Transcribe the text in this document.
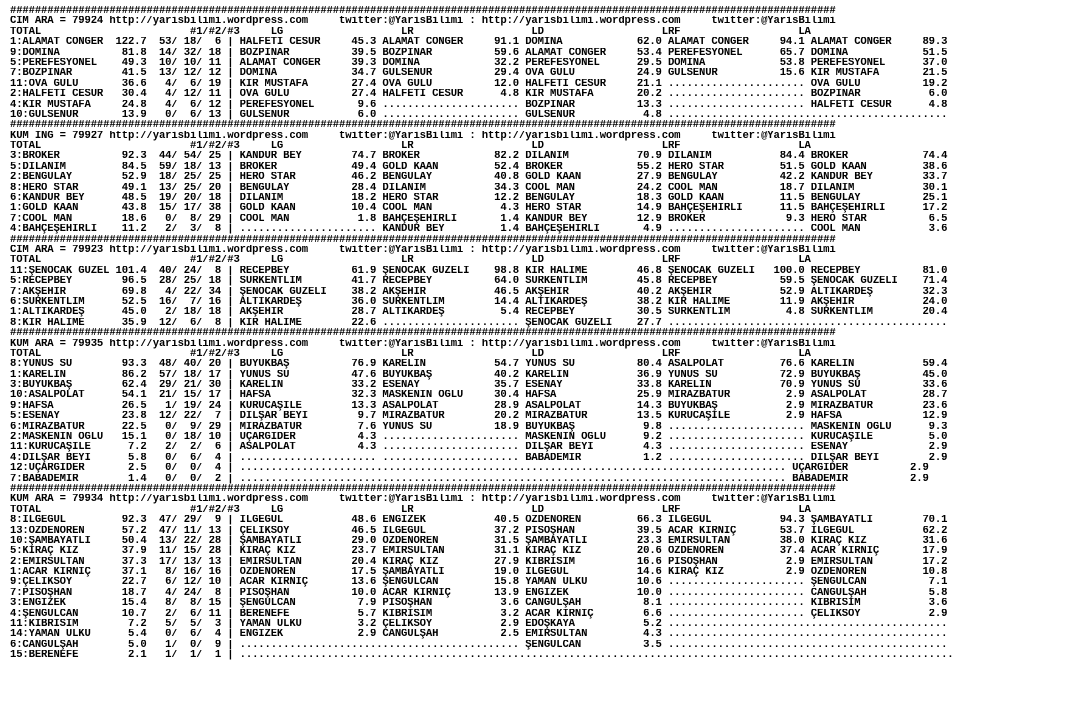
#####################################################################################################################################
CIM ARA = 79924 http://yarisbilimi.wordpress.com     twitter:@YarisBilimi : http://yarisbilimi.wordpress.com     twitter:@YarisBilimi
TOTAL                        #1/#2/#3     LG                   LR                   LD                   LRF                   LA
1:ALAMAT CÖNGER  122.7  53/ 18/  6 | HALFETİ CESUR     45.3 ALAMAT CÖNGER     91.1 DOMİNA            62.0 ALAMAT CÖNGER     94.1 ALAMAT CÖNGER     89.3
9:DOMİNA          81.8  14/ 32/ 18 | BOZPINAR          39.5 BOZPINAR          59.6 ALAMAT CÖNGER     53.4 PEREFESYONEL      65.7 DOMİNA            51.5
5:PEREFESYONEL    49.3  10/ 10/ 11 | ALAMAT CÖNGER     39.3 DOMİNA            32.2 PEREFESYONEL      29.5 DOMİNA            53.8 PEREFESYONEL      37.0
7:BOZPINAR        41.5  13/ 12/ 12 | DOMİNA            34.7 GÜLSENUR          29.4 OVA GÜLÜ          24.9 GÜLSENUR          15.6 KIR MUSTAFA       21.5
11:OVA GÜLÜ       36.6   4/  6/ 19 | KIR MUSTAFA       27.4 OVA GÜLÜ          12.0 HALFETİ CESUR     21.1 ...................... OVA GÜLÜ          19.2
2:HALFETİ CESUR   30.4   4/ 12/ 11 | OVA GÜLÜ          27.4 HALFETİ CESUR      4.8 KIR MUSTAFA       20.2 ...................... BOZPINAR           6.0
4:KIR MUSTAFA     24.8   4/  6/ 12 | PEREFESYONEL       9.6 ...................... BOZPINAR          13.3 ...................... HALFETİ CESUR      4.8
10:GÜLSENUR       13.9   0/  6/ 13 | GÜLSENUR           6.0 ...................... GÜLSENUR           4.8 .............................................
#####################################################################################################################################
KUM ING = 79927 http://yarisbilimi.wordpress.com     twitter:@YarisBilimi : http://yarisbilimi.wordpress.com     twitter:@YarisBilimi
TOTAL                        #1/#2/#3     LG                   LR                   LD                   LRF                   LA
3:BROKER          92.3  44/ 54/ 25 | KANDUR BEY        74.7 BROKER            82.2 DİLANIM           70.9 DİLANIM           84.4 BROKER            74.4
5:DİLANIM         84.5  59/ 18/ 13 | BROKER            49.4 GOLD KAAN         52.4 BROKER            55.2 HERO STAR         51.5 GOLD KAAN         38.6
2:BENGÜLAY        52.9  18/ 25/ 25 | HERO STAR         46.2 BENGÜLAY          40.8 GOLD KAAN         27.9 BENGÜLAY          42.2 KANDUR BEY        33.7
8:HERO STAR       49.1  13/ 25/ 20 | BENGÜLAY          28.4 DİLANIM           34.3 COOL MAN          24.2 COOL MAN          18.7 DİLANIM           30.1
6:KANDUR BEY      48.5  19/ 20/ 18 | DİLANIM           18.2 HERO STAR         12.2 BENGÜLAY          18.3 GOLD KAAN         11.5 BENGÜLAY          25.1
1:GOLD KAAN       43.8  15/ 17/ 38 | GOLD KAAN         10.4 COOL MAN           4.3 HERO STAR         14.9 BAHÇEŞEHİRLİ      11.5 BAHÇEŞEHİRLİ      17.2
7:COOL MAN        18.6   0/  8/ 29 | COOL MAN           1.8 BAHÇEŞEHİRLİ       1.4 KANDUR BEY        12.9 BROKER             9.3 HERO STAR          6.5
4:BAHÇEŞEHİRLİ    11.2   2/  3/  8 | ...................... KANDUR BEY         1.4 BAHÇEŞEHİRLİ       4.9 ...................... COOL MAN           3.6
#####################################################################################################################################
CIM ARA = 79923 http://yarisbilimi.wordpress.com     twitter:@YarisBilimi : http://yarisbilimi.wordpress.com     twitter:@YarisBilimi
TOTAL                        #1/#2/#3     LG                   LR                   LD                   LRF                   LA
11:ŞENOCAK GÜZEL 101.4  40/ 24/  8 | RECEPBEY          61.9 ŞENOCAK GÜZELİ    98.8 KIR HALİME        46.8 ŞENOCAK GÜZELİ   100.0 RECEPBEY          81.0
5:RECEPBEY        96.5  28/ 25/ 18 | SURKENTLİM        41.7 RECEPBEY          64.0 SURKENTLİM        45.8 RECEPBEY          59.5 ŞENOCAK GÜZELİ    71.4
7:AKŞEHİR         69.8   4/ 22/ 34 | ŞENOCAK GÜZELİ    38.2 AKŞEHİR           46.5 AKŞEHİR           40.2 AKŞEHİR           52.9 ALTIKARDEŞ        32.3
6:SURKENTLİM      52.5  16/  7/ 16 | ALTIKARDEŞ        36.0 SURKENTLİM        14.4 ALTIKARDEŞ        38.2 KIR HALİME        11.9 AKŞEHİR           24.0
1:ALTIKARDEŞ      45.0   2/ 18/ 18 | AKŞEHİR           28.7 ALTIKARDEŞ         5.4 RECEPBEY          30.5 SURKENTLİM         4.8 SURKENTLİM        20.4
8:KIR HALİME      35.9  12/  6/  8 | KIR HALİME        22.6 ...................... ŞENOCAK GÜZELİ    27.7 .............................................
#####################################################################################################################################
KUM ARA = 79935 http://yarisbilimi.wordpress.com     twitter:@YarisBilimi : http://yarisbilimi.wordpress.com     twitter:@YarisBilimi
TOTAL                        #1/#2/#3     LG                   LR                   LD                   LRF                   LA
8:YUNUS SU        93.3  48/ 40/ 20 | BÜYÜKBAŞ          76.9 KARELİN           54.7 YUNUS SU          80.4 ASALPOLAT         76.6 KARELİN           59.4
1:KARELİN         86.2  57/ 18/ 17 | YUNUS SU          47.6 BÜYÜKBAŞ          40.2 KARELİN           36.9 YUNUS SU          72.9 BÜYÜKBAŞ          45.0
3:BÜYÜKBAŞ        62.4  29/ 21/ 30 | KARELİN           33.2 ESENAY            35.7 ESENAY            33.8 KARELİN           70.9 YUNUS SU          33.6
10:ASALPOLAT      54.1  21/ 15/ 17 | HAFSA             32.3 MASKENİN OĞLU     30.4 HAFSA             25.9 MİRAZBATUR         2.9 ASALPOLAT         28.7
9:HAFSA           26.5   1/ 19/ 24 | KURUCAŞİLE        13.3 ASALPOLAT         28.9 ASALPOLAT         14.3 BÜYÜKBAŞ           2.9 MİRAZBATUR        23.6
5:ESENAY          23.8  12/ 22/  7 | DİLŞAR BEYİ        9.7 MİRAZBATUR        20.2 MİRAZBATUR        13.5 KURUCAŞİLE         2.9 HAFSA             12.9
6:MİRAZBATUR      22.5   0/  9/ 29 | MİRAZBATUR         7.6 YUNUS SU          18.9 BÜYÜKBAŞ           9.8 ...................... MASKENİN OĞLU      9.3
2:MASKENİN OĞLU   15.1   0/ 18/ 10 | UÇARGİDER          4.3 ...................... MASKENİN OĞLU      9.2 ...................... KURUCAŞİLE         5.0
11:KURUCAŞİLE      7.2   2/  2/  6 | ASALPOLAT          4.3 ...................... DİLŞAR BEYİ        4.3 ...................... ESENAY             2.9
4:DİLŞAR BEYİ      5.8   0/  6/  4 | ...................... ...................... BABADEMİR          1.2 ...................... DİLŞAR BEYİ        2.9
12:UÇARGİDER       2.5   0/  0/  4 | ........................................................................................ UÇARGİDER          2.9
7:BABADEMİR        1.4   0/  0/  2 | ........................................................................................ BABADEMİR          2.9
#####################################################################################################################################
KUM ARA = 79934 http://yarisbilimi.wordpress.com     twitter:@YarisBilimi : http://yarisbilimi.wordpress.com     twitter:@YarisBilimi
TOTAL                        #1/#2/#3     LG                   LR                   LD                   LRF                   LA
8:İLGEGÜL         92.3  47/ 29/  9 | İLGEGÜL           48.6 ENGİZEK           40.5 ÖZDENÖREN         66.3 İLGEGÜL           94.3 ŞAMBAYATLI        70.1
13:ÖZDENÖREN      57.2  47/ 11/ 13 | ÇELİKSOY          46.5 İLGEGÜL           37.2 PİSOŞHAN          39.5 ACAR KIRNIÇ       53.7 İLGEGÜL           62.2
10:ŞAMBAYATLI     50.4  13/ 22/ 28 | ŞAMBAYATLI        29.0 ÖZDENÖREN         31.5 ŞAMBAYATLI        23.3 EMİRSULTAN        38.0 KIRAÇ KIZ         31.6
5:KIRAÇ KIZ       37.9  11/ 15/ 28 | KIRAÇ KIZ         23.7 EMİRSULTAN        31.1 KIRAÇ KIZ         20.6 ÖZDENÖREN         37.4 ACAR KIRNIÇ       17.9
2:EMİRSULTAN      37.3  17/ 13/ 13 | EMİRSULTAN        20.4 KIRAÇ KIZ         27.9 KİBRİSIM          16.6 PİSOŞHAN           2.9 EMİRSULTAN        17.2
1:ACAR KIRNIÇ     37.1   8/ 16/ 16 | ÖZDENÖREN         17.5 ŞAMBAYATLI        19.0 İLGEGÜL           14.6 KIRAÇ KIZ          2.9 ÖZDENÖREN         10.8
9:ÇELİKSOY        22.7   6/ 12/ 10 | ACAR KIRNIÇ       13.6 ŞENGÜLCAN         15.8 YAMAN ÜLKÜ        10.6 ...................... ŞENGÜLCAN          7.1
7:PİSOŞHAN        18.7   4/ 24/  8 | PİSOŞHAN          10.0 ACAR KIRNIÇ       13.9 ENGİZEK           10.0 ...................... CANGÜLŞAH          5.8
3:ENGİZEK         15.4   8/  8/ 15 | ŞENGÜLCAN          7.9 PİSOŞHAN           3.6 CANGÜLŞAH          8.1 ...................... KİBRİSIM           3.6
4:ŞENGÜLCAN       10.7   2/  6/ 11 | BERENEFE           5.7 KİBRİSIM           3.2 ACAR KIRNIÇ        6.6 ...................... ÇELİKSOY           2.9
11:KİBRİSIM        7.2   5/  5/  3 | YAMAN ÜLKÜ         3.2 ÇELİKSOY           2.9 EDOŞKAYA           5.2 .............................................
14:YAMAN ÜLKÜ      5.4   0/  6/  4 | ENGİZEK            2.9 CANGÜLŞAH          2.5 EMİRSULTAN         4.3 .............................................
6:CANGÜLŞAH        5.0   1/  0/  9 | ............................................. ŞENGÜLCAN          3.5 .............................................
15:BERENEFE        2.1   1/  1/  1 | ...................................................................................................................
